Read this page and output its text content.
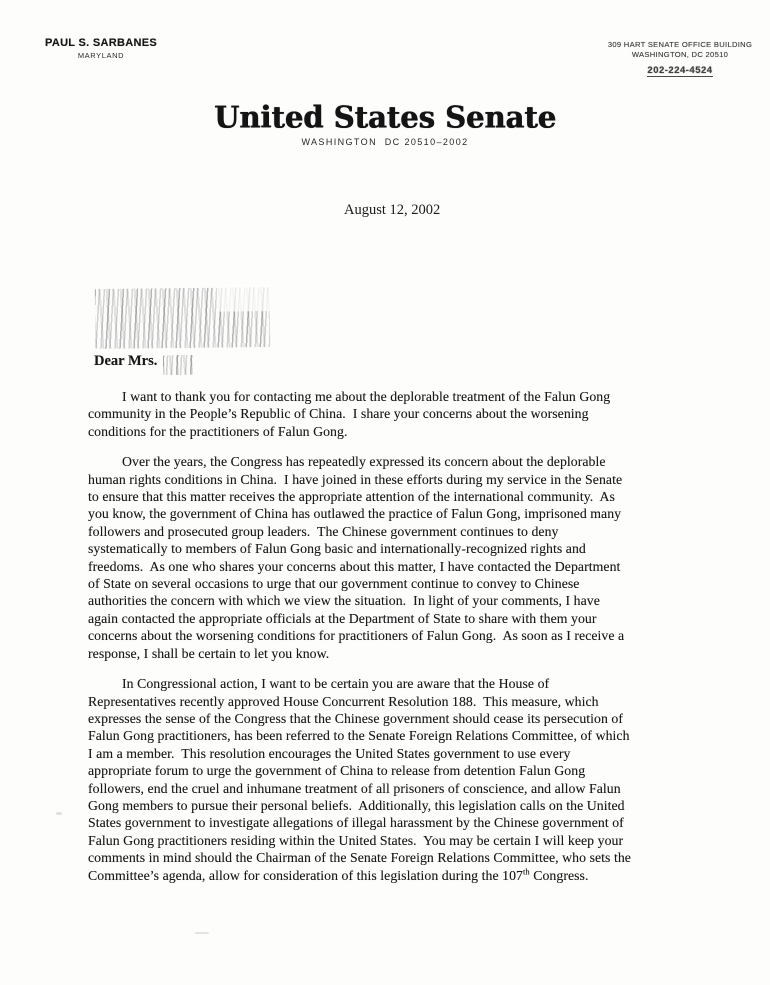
PAUL S. SARBANES
MARYLAND
309 HART SENATE OFFICE BUILDING
WASHINGTON, DC 20510
202-224-4524
United States Senate
WASHINGTON  DC 20510–2002
August 12, 2002
Dear Mrs.

I want to thank you for contacting me about the deplorable treatment of the Falun Gong
community in the People’s Republic of China.  I share your concerns about the worsening
conditions for the practitioners of Falun Gong.

Over the years, the Congress has repeatedly expressed its concern about the deplorable
human rights conditions in China.  I have joined in these efforts during my service in the Senate
to ensure that this matter receives the appropriate attention of the international community.  As
you know, the government of China has outlawed the practice of Falun Gong, imprisoned many
followers and prosecuted group leaders.  The Chinese government continues to deny
systematically to members of Falun Gong basic and internationally-recognized rights and
freedoms.  As one who shares your concerns about this matter, I have contacted the Department
of State on several occasions to urge that our government continue to convey to Chinese
authorities the concern with which we view the situation.  In light of your comments, I have
again contacted the appropriate officials at the Department of State to share with them your
concerns about the worsening conditions for practitioners of Falun Gong.  As soon as I receive a
response, I shall be certain to let you know.

In Congressional action, I want to be certain you are aware that the House of
Representatives recently approved House Concurrent Resolution 188.  This measure, which
expresses the sense of the Congress that the Chinese government should cease its persecution of
Falun Gong practitioners, has been referred to the Senate Foreign Relations Committee, of which
I am a member.  This resolution encourages the United States government to use every
appropriate forum to urge the government of China to release from detention Falun Gong
followers, end the cruel and inhumane treatment of all prisoners of conscience, and allow Falun
Gong members to pursue their personal beliefs.  Additionally, this legislation calls on the United
States government to investigate allegations of illegal harassment by the Chinese government of
Falun Gong practitioners residing within the United States.  You may be certain I will keep your
comments in mind should the Chairman of the Senate Foreign Relations Committee, who sets the
Committee’s agenda, allow for consideration of this legislation during the 107th Congress.
